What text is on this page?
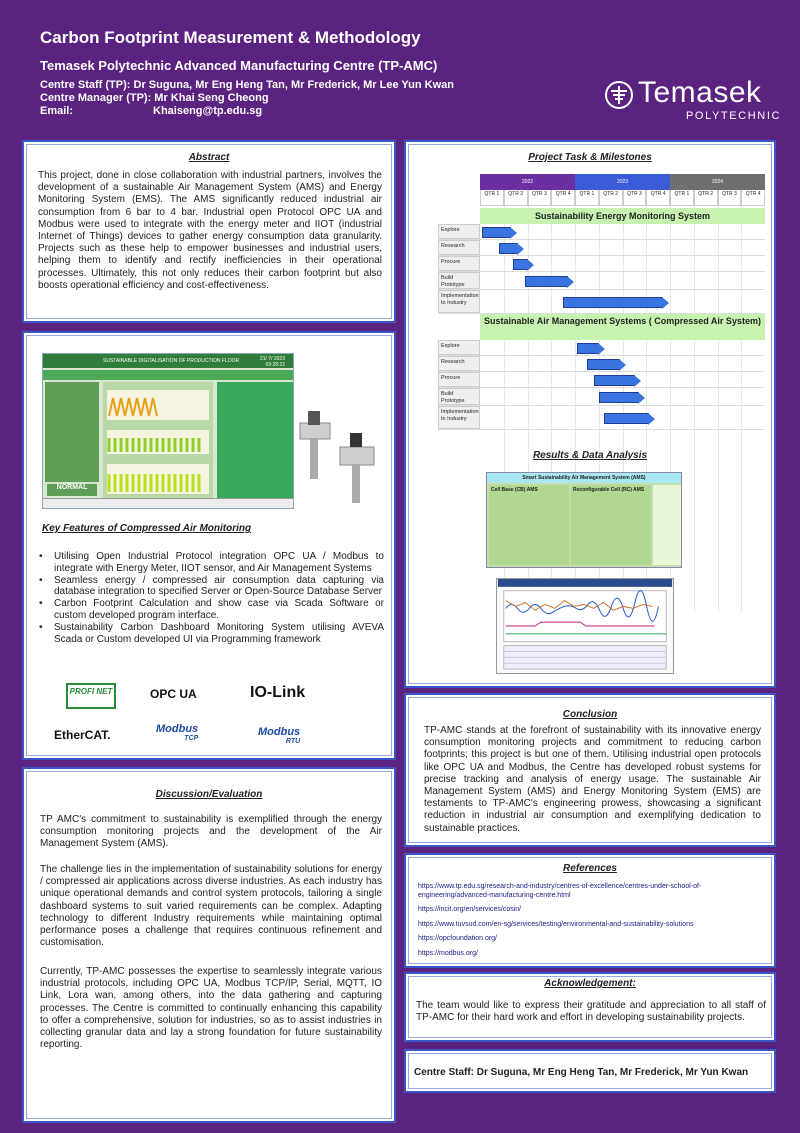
Carbon Footprint Measurement & Methodology
Temasek Polytechnic Advanced Manufacturing Centre (TP-AMC)
Centre Staff (TP): Dr Suguna, Mr Eng Heng Tan, Mr Frederick, Mr Lee Yun Kwan
Centre Manager (TP): Mr Khai Seng Cheong
Email:	Khaiseng@tp.edu.sg
Temasek
POLYTECHNIC
Abstract
This project, done in close collaboration with industrial partners, involves the development of a sustainable Air Management System (AMS) and Energy Monitoring System (EMS). The AMS significantly reduced industrial air consumption from 6 bar to 4 bar. Industrial open Protocol OPC UA and Modbus were used to integrate with the energy meter and IIOT (industrial Internet of Things) devices to gather energy consumption data granularity. Projects such as these help to empower businesses and industrial users, helping them to identify and rectify inefficiencies in their operational processes. Ultimately, this not only reduces their carbon footprint but also boosts operational efficiency and cost-effectiveness.
SUSTAINABLE DIGITALISATION OF PRODUCTION FLOOR	21/ 7/ 2023
09:28:22
NORMAL
Key Features of Compressed Air Monitoring
• Utilising Open Industrial Protocol integration OPC UA / Modbus to integrate with Energy Meter, IIOT sensor, and Air Management Systems
• Seamless energy / compressed air consumption data capturing via database integration to specified Server or Open-Source Database Server
• Carbon Footprint Calculation and show case via Scada Software or custom developed program interface.
• Sustainability Carbon Dashboard Monitoring System utilising AVEVA Scada or Custom developed UI via Programming framework
PROFI NET	OPC UA	IO-Link
EtherCAT.	Modbus
TCP
Modbus
RTU
Discussion/Evaluation
TP AMC's commitment to sustainability is exemplified through the energy consumption monitoring projects and the development of the Air Management System (AMS).
The challenge lies in the implementation of sustainability solutions for energy / compressed air applications across diverse industries. As each industry has unique operational demands and control system protocols, tailoring a single dashboard systems to suit varied requirements can be complex. Adapting technology to different Industry requirements while maintaining optimal performance poses a challenge that requires continuous refinement and customisation.
Currently, TP-AMC possesses the expertise to seamlessly integrate various industrial protocols, including OPC UA, Modbus TCP/IP, Serial, MQTT, IO Link, Lora wan, among others, into the data gathering and capturing processes. The Centre is committed to continually enhancing this capability to offer a comprehensive, solution for industries, so as to assist industries in collecting granular data and lay a strong foundation for future sustainability reporting.
Project Task & Milestones
2022	2023	2024
QTR 1	QTR 2	QTR 3	QTR 4	QTR 1	QTR 2	QTR 3	QTR 4	QTR 1	QTR 2	QTR 3	QTR 4
Sustainability Energy Monitoring System
Explore
Research
Procure
Build Prototype
Implementation to Industry
Sustainable Air Management Systems ( Compressed Air System)
Explore
Research
Procure
Build Prototype
Implementation to Industry
Results & Data Analysis
Smart Sustainability Air Management System (AMS)
Cell Base (CB) AMS	Reconfigurable Cell (RC) AMS
Conclusion
TP-AMC stands at the forefront of sustainability with its innovative energy consumption monitoring projects and commitment to reducing carbon footprints; this project is but one of them. Utilising industrial open protocols like OPC UA and Modbus, the Centre has developed robust systems for precise tracking and analysis of energy usage. The sustainable Air Management System (AMS) and Energy Monitoring System (EMS) are testaments to TP-AMC's engineering prowess, showcasing a significant reduction in industrial air consumption and exemplifying dedication to sustainable practices.
References
https://www.tp.edu.sg/research-and-industry/centres-of-excellence/centres-under-school-of-engineering/advanced-manufacturing-centre.html
https://incit.org/en/services/cosin/
https://www.tuvsud.com/en-sg/services/testing/environmental-and-sustainability-solutions
https://opcfoundation.org/
https://modbus.org/
Acknowledgement:
The team would like to express their gratitude and appreciation to all staff of TP-AMC for their hard work and effort in developing sustainability projects.
Centre Staff: Dr Suguna, Mr Eng Heng Tan, Mr Frederick, Mr Yun Kwan
